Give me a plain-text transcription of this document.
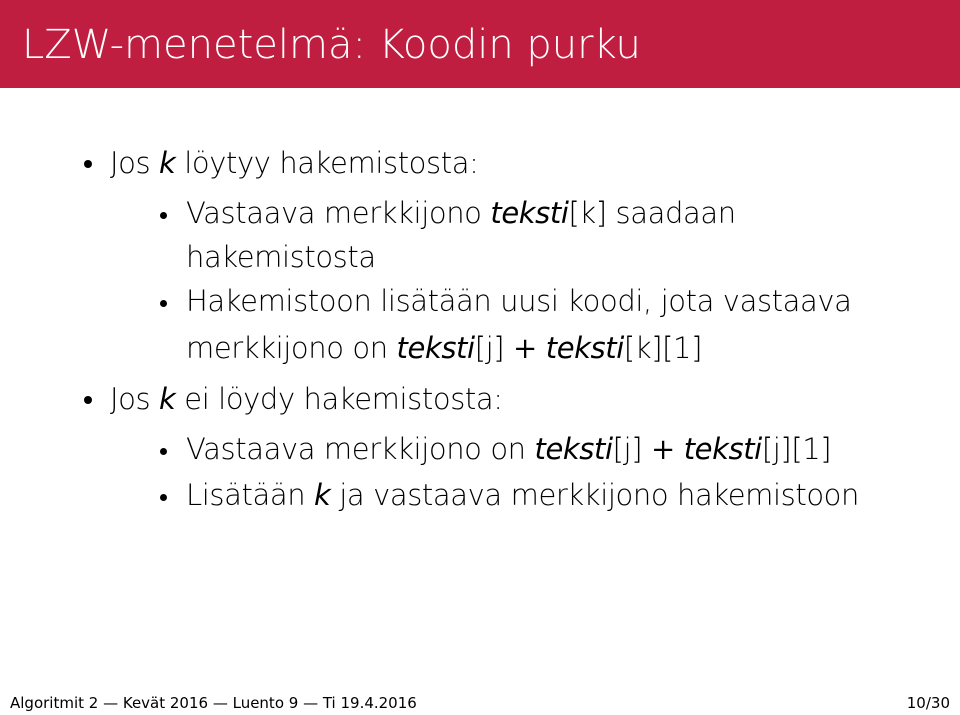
LZW-menetelmä: Koodin purku
Jos k löytyy hakemistosta:
Vastaava merkkijono teksti[k] saadaan
hakemistosta
Hakemistoon lisätään uusi koodi, jota vastaava
merkkijono on teksti[j] + teksti[k][1]
Jos k ei löydy hakemistosta:
Vastaava merkkijono on teksti[j] + teksti[j][1]
Lisätään k ja vastaava merkkijono hakemistoon
Algoritmit 2 — Kevät 2016 — Luento 9 — Ti 19.4.2016	10/30
